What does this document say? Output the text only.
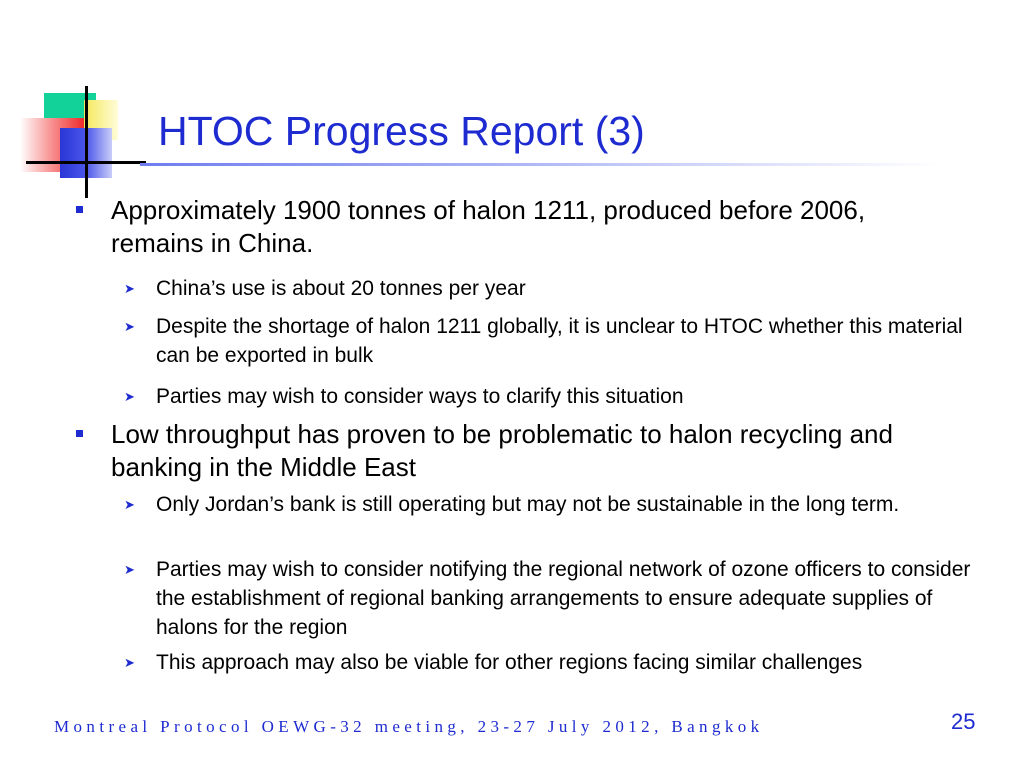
HTOC Progress Report (3)
Approximately 1900 tonnes of halon 1211, produced before 2006, remains in China.
➤ China’s use is about 20 tonnes per year
➤ Despite the shortage of halon 1211 globally, it is unclear to HTOC whether this material can be exported in bulk
➤ Parties may wish to consider ways to clarify this situation
Low throughput has proven to be problematic to halon recycling and banking in the Middle East
➤ Only Jordan’s bank is still operating but may not be sustainable in the long term.
➤ Parties may wish to consider notifying the regional network of ozone officers to consider the establishment of regional banking arrangements to ensure adequate supplies of halons for the region
➤ This approach may also be viable for other regions facing similar challenges
Montreal Protocol OEWG-32 meeting, 23-27 July 2012, Bangkok	25
